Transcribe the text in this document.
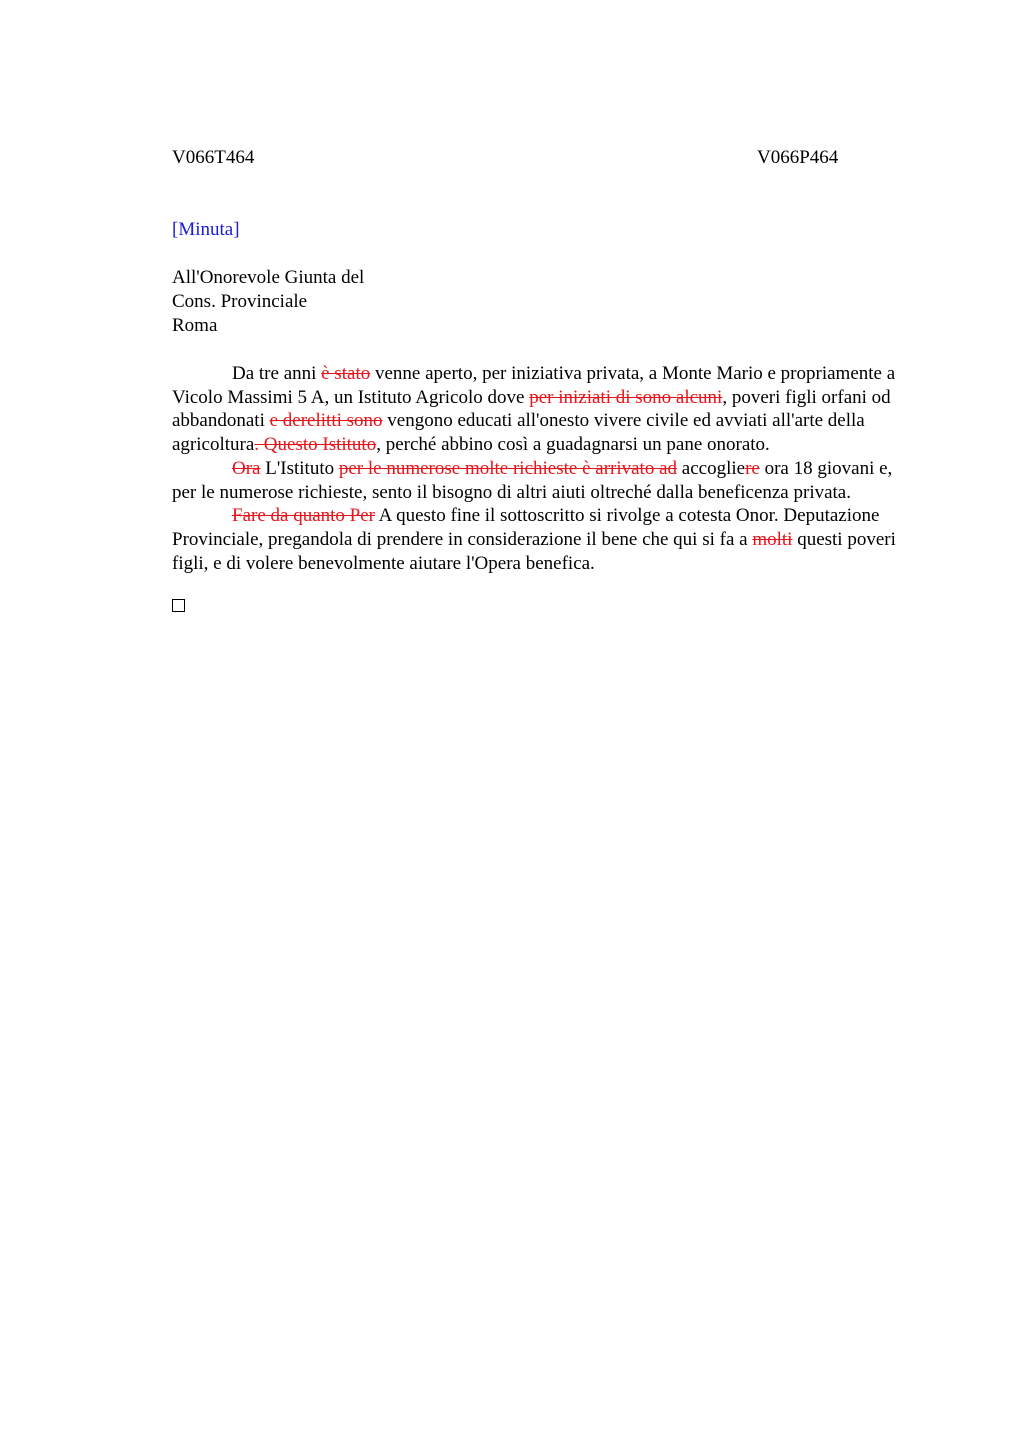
V066T464	V066P464
[Minuta]
All'Onorevole Giunta del
Cons. Provinciale
Roma

Da tre anni è stato venne aperto, per iniziativa privata, a Monte Mario e propriamente a Vicolo Massimi 5 A, un Istituto Agricolo dove per iniziati di sono alcuni, poveri figli orfani od abbandonati e derelitti sono vengono educati all'onesto vivere civile ed avviati all'arte della agricoltura. Questo Istituto, perché abbino così a guadagnarsi un pane onorato.

Ora L'Istituto per le numerose molte richieste è arrivato ad accogliere ora 18 giovani e, per le numerose richieste, sento il bisogno di altri aiuti oltreché dalla beneficenza privata.

Fare da quanto Per A questo fine il sottoscritto si rivolge a cotesta Onor. Deputazione Provinciale, pregandola di prendere in considerazione il bene che qui si fa a molti questi poveri figli, e di volere benevolmente aiutare l'Opera benefica.
